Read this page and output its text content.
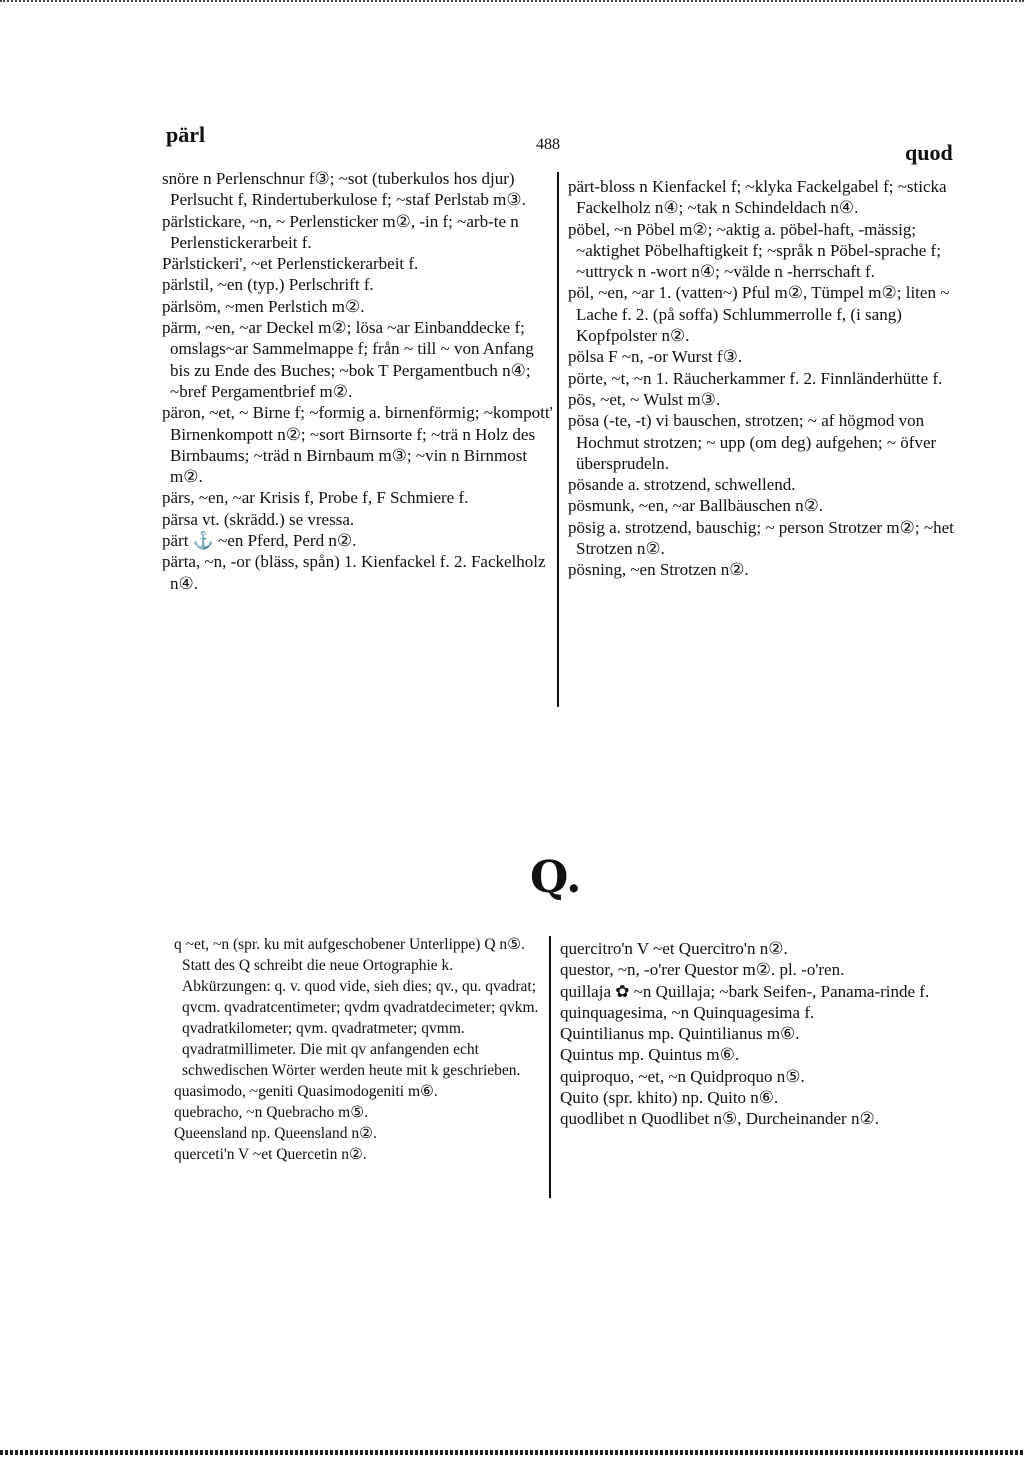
pärl	488	quod

snöre n Perlenschnur f③; ~sot (tuberkulos hos djur) Perlsucht f, Rindertuberkulose f; ~staf Perlstab m③.

pärlstickare, ~n, ~ Perlensticker m②, -in f; ~arb-te n Perlenstickerarbeit f.

Pärlstickeri', ~et Perlenstickerarbeit f.

pärlstil, ~en (typ.) Perlschrift f.

pärlsöm, ~men Perlstich m②.

pärm, ~en, ~ar Deckel m②; lösa ~ar Einbanddecke f; omslags~ar Sammelmappe f; från ~ till ~ von Anfang bis zu Ende des Buches; ~bok T Pergamentbuch n④; ~bref Pergamentbrief m②.

päron, ~et, ~ Birne f; ~formig a. birnenförmig; ~kompott' Birnenkompott n②; ~sort Birnsorte f; ~trä n Holz des Birnbaums; ~träd n Birnbaum m③; ~vin n Birnmost m②.

pärs, ~en, ~ar Krisis f, Probe f, F Schmiere f.

pärsa vt. (skrädd.) se vressa.

pärt ⚓ ~en Pferd, Perd n②.

pärta, ~n, -or (bläss, spån) 1. Kienfackel f. 2. Fackelholz n④.

pärt-bloss n Kienfackel f; ~klyka Fackelgabel f; ~sticka Fackelholz n④; ~tak n Schindeldach n④.

pöbel, ~n Pöbel m②; ~aktig a. pöbel-haft, -mässig; ~aktighet Pöbelhaftigkeit f; ~språk n Pöbel-sprache f; ~uttryck n -wort n④; ~välde n -herrschaft f.

pöl, ~en, ~ar 1. (vatten~) Pful m②, Tümpel m②; liten ~ Lache f. 2. (på soffa) Schlummerrolle f, (i sang) Kopfpolster n②.

pölsa F ~n, -or Wurst f③.

pörte, ~t, ~n 1. Räucherkammer f. 2. Finnländerhütte f.

pös, ~et, ~ Wulst m③.

pösa (-te, -t) vi bauschen, strotzen; ~ af högmod von Hochmut strotzen; ~ upp (om deg) aufgehen; ~ öfver übersprudeln.

pösande a. strotzend, schwellend.

pösmunk, ~en, ~ar Ballbäuschen n②.

pösig a. strotzend, bauschig; ~ person Strotzer m②; ~het Strotzen n②.

pösning, ~en Strotzen n②.

Q.

q ~et, ~n (spr. ku mit aufgeschobener Unterlippe) Q n⑤. Statt des Q schreibt die neue Ortographie k. Abkürzungen: q. v. quod vide, sieh dies; qv., qu. qvadrat; qvcm. qvadratcentimeter; qvdm qvadratdecimeter; qvkm. qvadratkilometer; qvm. qvadratmeter; qvmm. qvadratmillimeter. Die mit qv anfangenden echt schwedischen Wörter werden heute mit k geschrieben.

quasimodo, ~geniti Quasimodogeniti m⑥.

quebracho, ~n Quebracho m⑤.

Queensland np. Queensland n②.

querceti'n V ~et Quercetin n②.

quercitro'n V ~et Quercitro'n n②.

questor, ~n, -o'rer Questor m②. pl. -o'ren.

quillaja ✿ ~n Quillaja; ~bark Seifen-, Panama-rinde f.

quinquagesima, ~n Quinquagesima f.

Quintilianus mp. Quintilianus m⑥.

Quintus mp. Quintus m⑥.

quiproquo, ~et, ~n Quidproquo n⑤.

Quito (spr. khito) np. Quito n⑥.

quodlibet n Quodlibet n⑤, Durcheinander n②.
